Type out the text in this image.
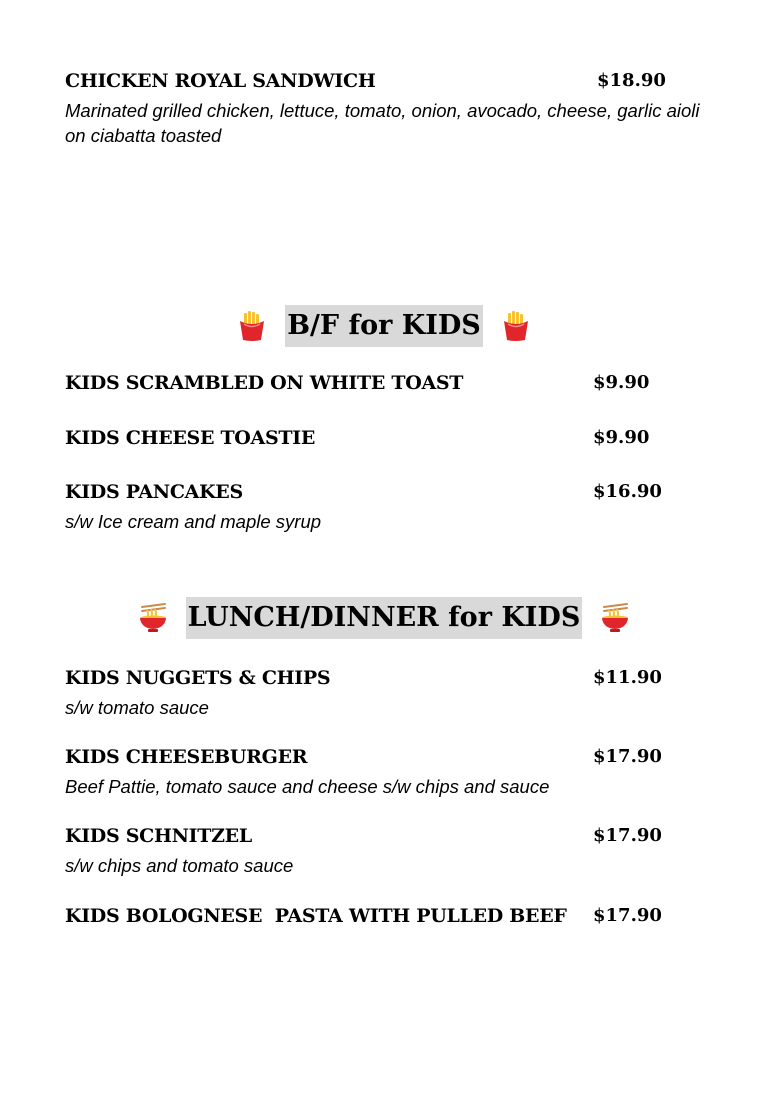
CHICKEN ROYAL SANDWICH	$18.90
Marinated grilled chicken, lettuce, tomato, onion, avocado, cheese, garlic aioli on ciabatta toasted
B/F for KIDS
KIDS SCRAMBLED ON WHITE TOAST	$9.90
KIDS CHEESE TOASTIE	$9.90
KIDS PANCAKES	$16.90
s/w Ice cream and maple syrup
LUNCH/DINNER for KIDS
KIDS NUGGETS & CHIPS	$11.90
s/w tomato sauce
KIDS CHEESEBURGER	$17.90
Beef Pattie, tomato sauce and cheese s/w chips and sauce
KIDS SCHNITZEL	$17.90
s/w chips and tomato sauce
KIDS BOLOGNESE  PASTA WITH PULLED BEEF $17.90
